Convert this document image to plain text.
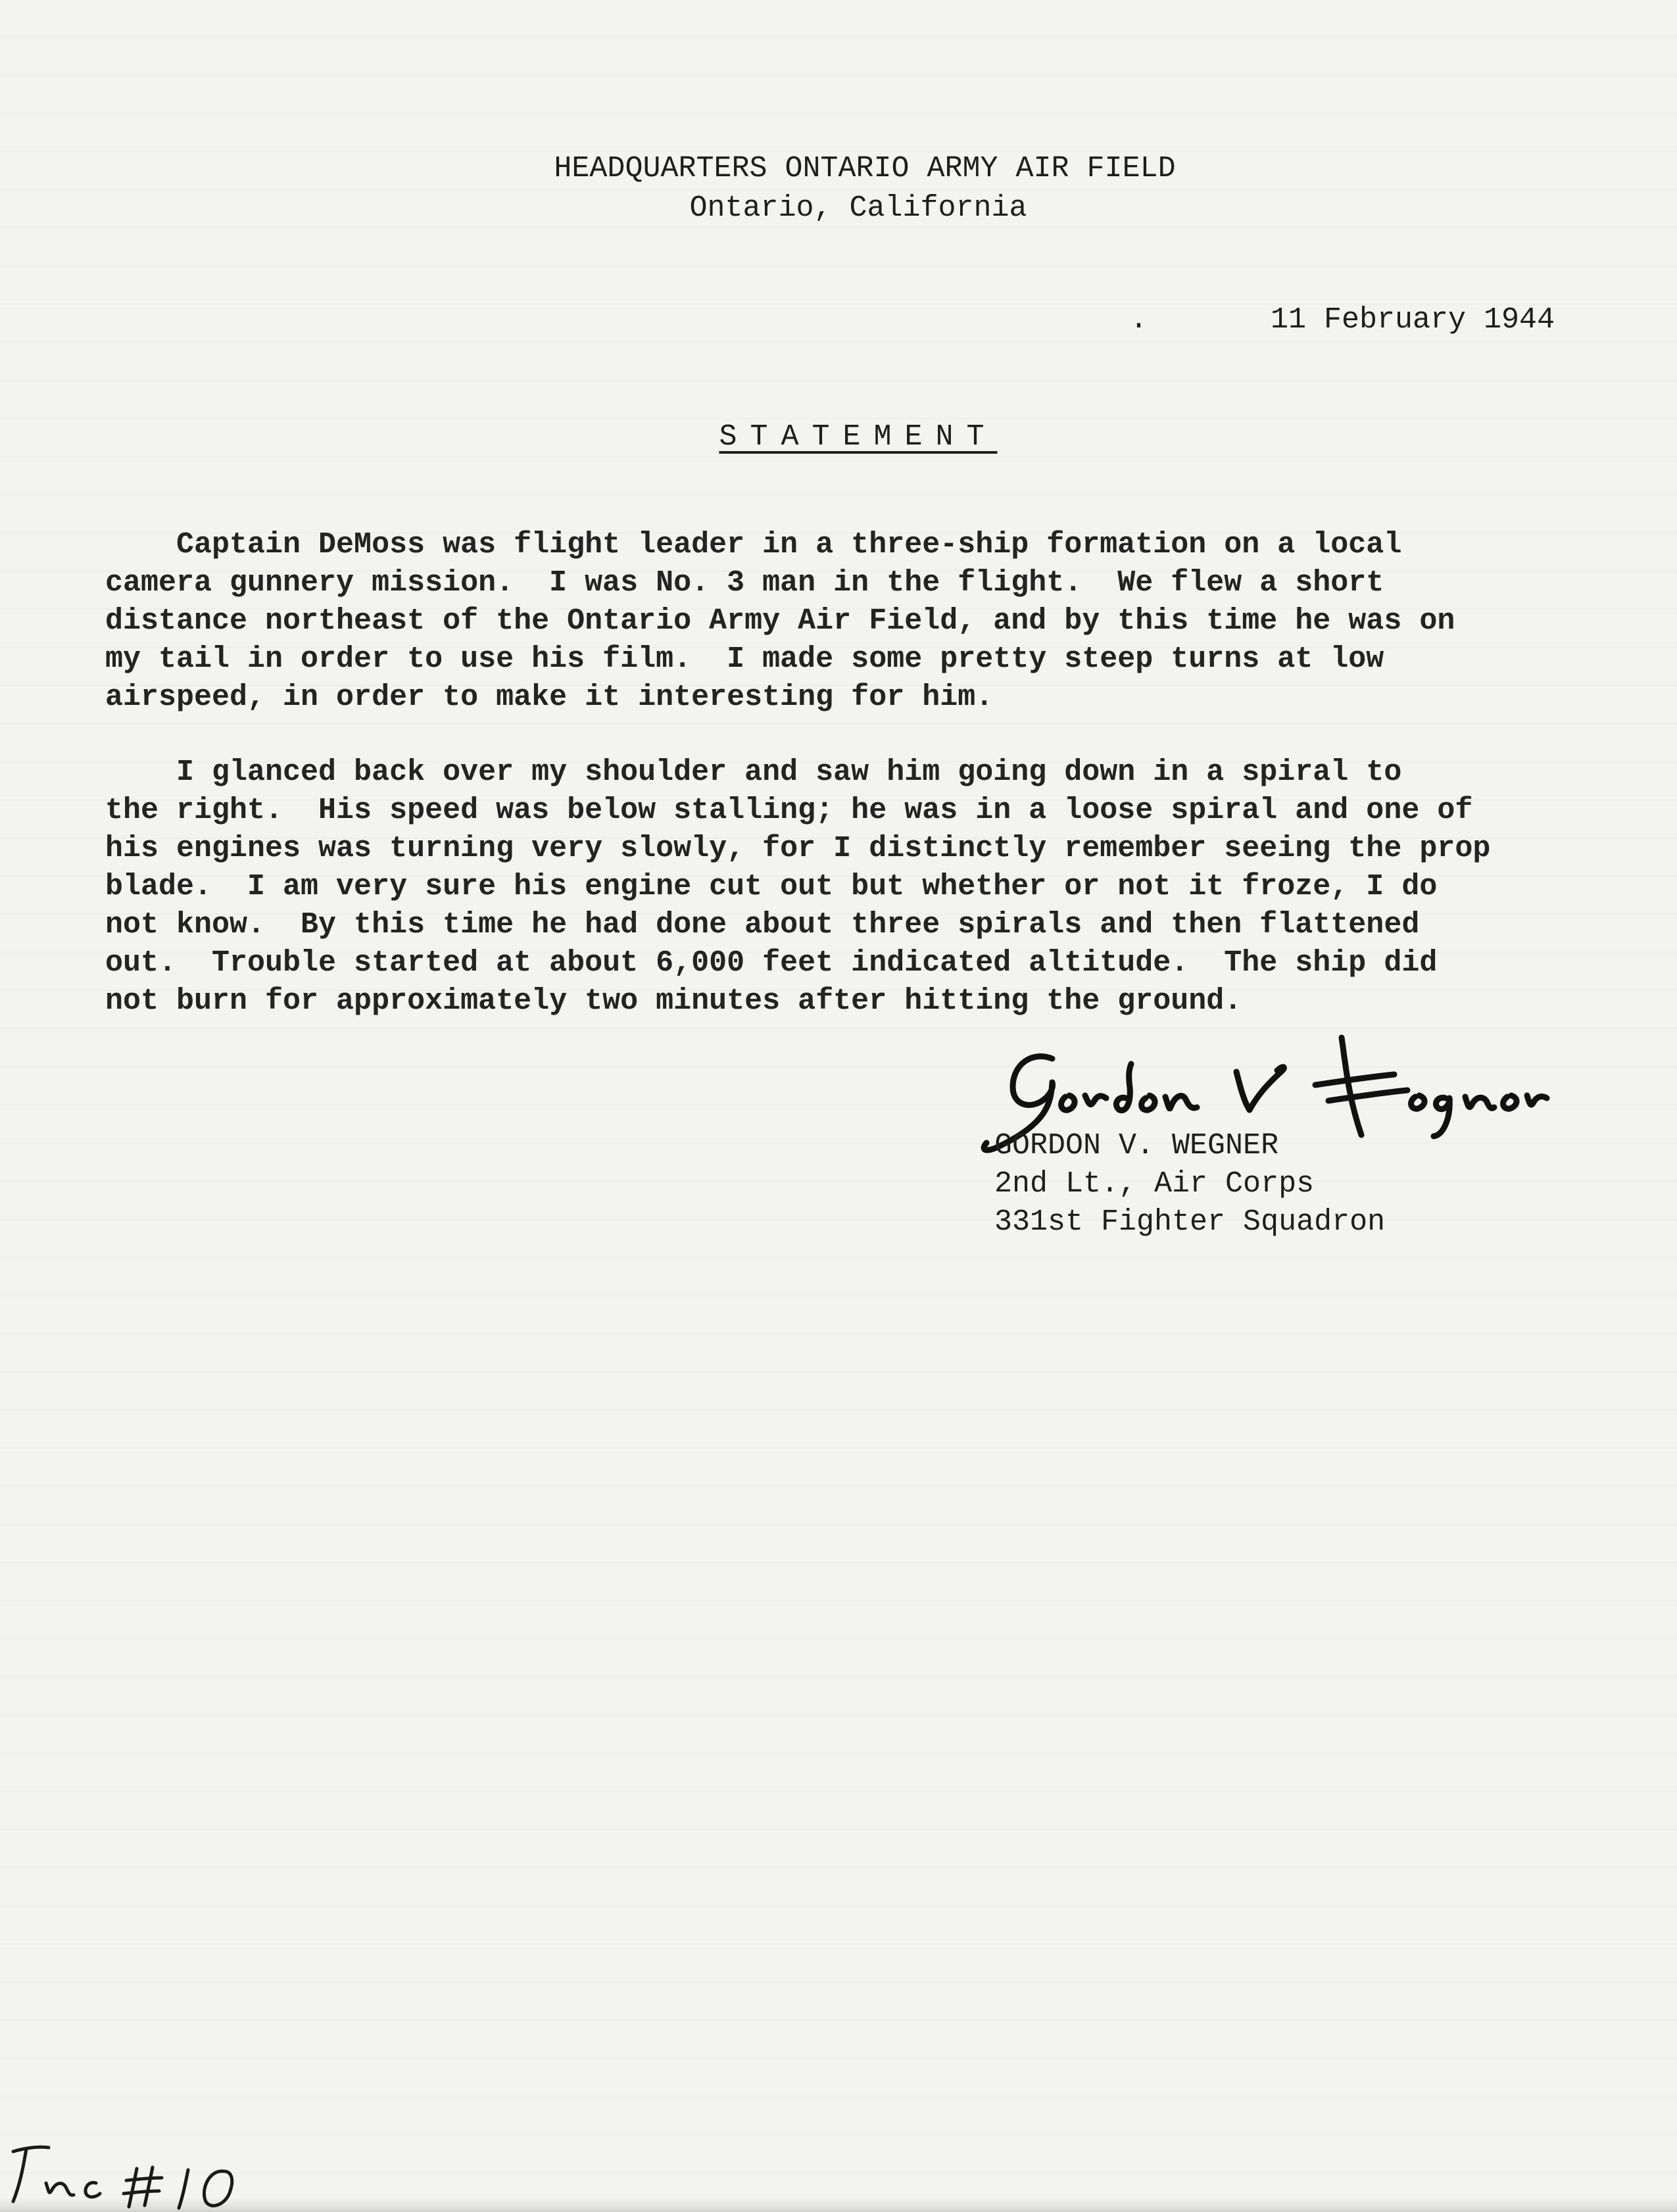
HEADQUARTERS ONTARIO ARMY AIR FIELD
Ontario, California
.	11 February 1944
STATEMENT
Captain DeMoss was flight leader in a three-ship formation on a local
camera gunnery mission.  I was No. 3 man in the flight.  We flew a short
distance northeast of the Ontario Army Air Field, and by this time he was on
my tail in order to use his film.  I made some pretty steep turns at low
airspeed, in order to make it interesting for him.
I glanced back over my shoulder and saw him going down in a spiral to
the right.  His speed was below stalling; he was in a loose spiral and one of
his engines was turning very slowly, for I distinctly remember seeing the prop
blade.  I am very sure his engine cut out but whether or not it froze, I do
not know.  By this time he had done about three spirals and then flattened
out.  Trouble started at about 6,000 feet indicated altitude.  The ship did
not burn for approximately two minutes after hitting the ground.
GORDON V. WEGNER
2nd Lt., Air Corps
331st Fighter Squadron
